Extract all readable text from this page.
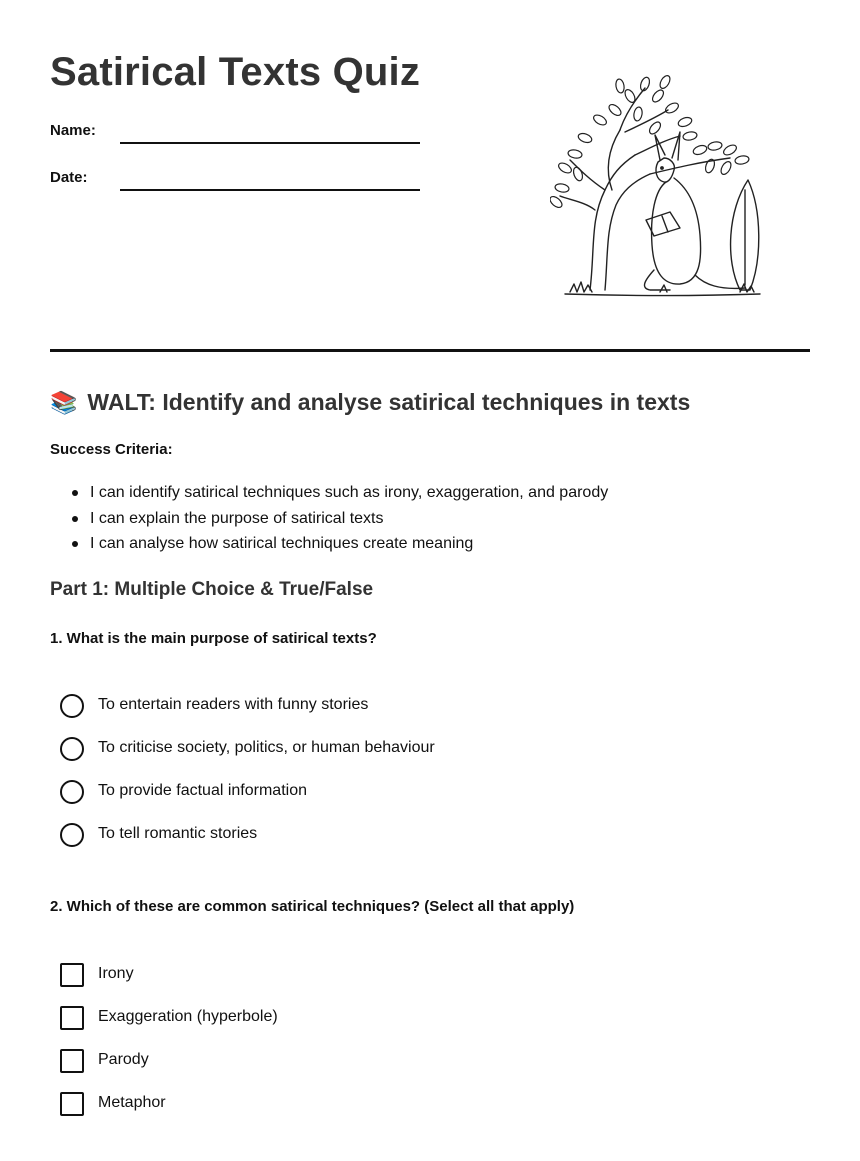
Satirical Texts Quiz
Name:
Date:
📚 WALT: Identify and analyse satirical techniques in texts
Success Criteria:
I can identify satirical techniques such as irony, exaggeration, and parody
I can explain the purpose of satirical texts
I can analyse how satirical techniques create meaning
Part 1: Multiple Choice & True/False
1. What is the main purpose of satirical texts?
To entertain readers with funny stories
To criticise society, politics, or human behaviour
To provide factual information
To tell romantic stories
2. Which of these are common satirical techniques? (Select all that apply)
Irony
Exaggeration (hyperbole)
Parody
Metaphor
